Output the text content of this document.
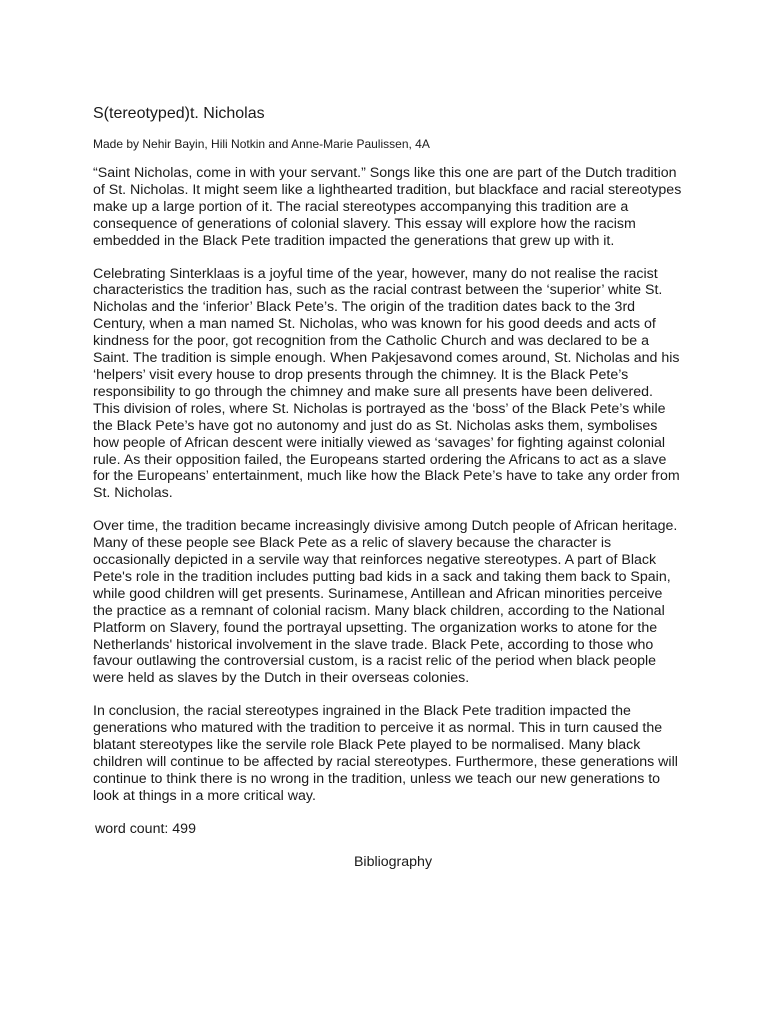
S(tereotyped)t. Nicholas
Made by Nehir Bayin, Hili Notkin and Anne-Marie Paulissen, 4A

“Saint Nicholas, come in with your servant.” Songs like this one are part of the Dutch tradition of St. Nicholas. It might seem like a lighthearted tradition, but blackface and racial stereotypes make up a large portion of it. The racial stereotypes accompanying this tradition are a consequence of generations of colonial slavery. This essay will explore how the racism embedded in the Black Pete tradition impacted the generations that grew up with it.

Celebrating Sinterklaas is a joyful time of the year, however, many do not realise the racist characteristics the tradition has, such as the racial contrast between the ‘superior’ white St. Nicholas and the ‘inferior’ Black Pete’s. The origin of the tradition dates back to the 3rd Century, when a man named St. Nicholas, who was known for his good deeds and acts of kindness for the poor, got recognition from the Catholic Church and was declared to be a Saint. The tradition is simple enough. When Pakjesavond comes around, St. Nicholas and his ‘helpers’ visit every house to drop presents through the chimney. It is the Black Pete’s responsibility to go through the chimney and make sure all presents have been delivered. This division of roles, where St. Nicholas is portrayed as the ‘boss’ of the Black Pete’s while the Black Pete’s have got no autonomy and just do as St. Nicholas asks them, symbolises how people of African descent were initially viewed as ‘savages’ for fighting against colonial rule. As their opposition failed, the Europeans started ordering the Africans to act as a slave for the Europeans’ entertainment, much like how the Black Pete’s have to take any order from St. Nicholas.

Over time, the tradition became increasingly divisive among Dutch people of African heritage. Many of these people see Black Pete as a relic of slavery because the character is occasionally depicted in a servile way that reinforces negative stereotypes. A part of Black Pete's role in the tradition includes putting bad kids in a sack and taking them back to Spain, while good children will get presents. Surinamese, Antillean and African minorities perceive the practice as a remnant of colonial racism. Many black children, according to the National Platform on Slavery, found the portrayal upsetting. The organization works to atone for the Netherlands' historical involvement in the slave trade. Black Pete, according to those who favour outlawing the controversial custom, is a racist relic of the period when black people were held as slaves by the Dutch in their overseas colonies.

In conclusion, the racial stereotypes ingrained in the Black Pete tradition impacted the generations who matured with the tradition to perceive it as normal. This in turn caused the blatant stereotypes like the servile role Black Pete played to be normalised. Many black children will continue to be affected by racial stereotypes. Furthermore, these generations will continue to think there is no wrong in the tradition, unless we teach our new generations to look at things in a more critical way.

word count: 499
Bibliography
